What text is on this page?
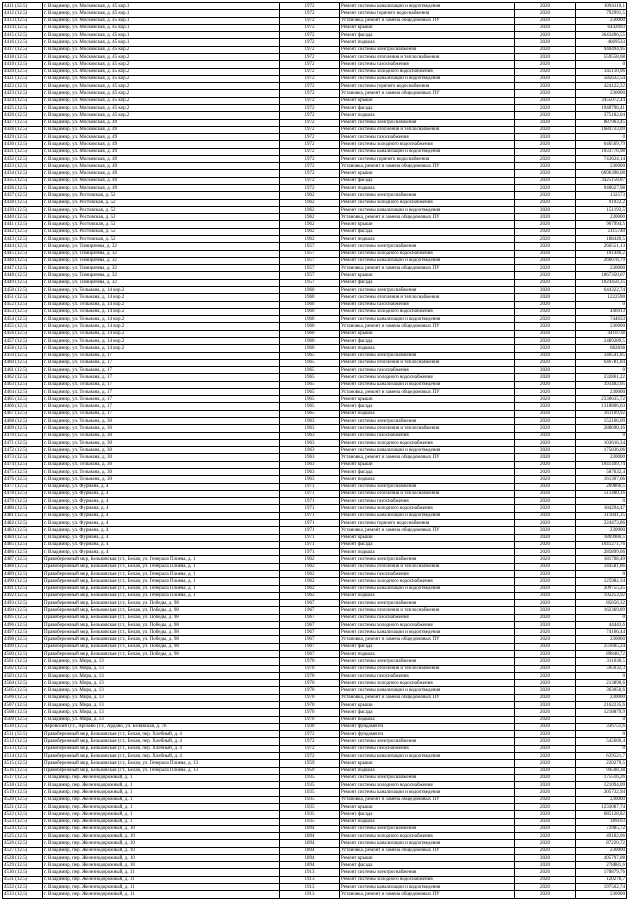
4411 (12.5)	г. Владимир, ул. Московская, д. 45 кор.1	1972	Ремонт системы канализации и водоотведения	2020	1094110,1
4412 (12.5)	г. Владимир, ул. Московская, д. 45 кор.1	1972	Ремонт системы горячего водоснабжения	2020	792991,5
4413 (12.5)	г. Владимир, ул. Московская, д. 45 кор.1	1972	Установка, ремонт и замена общедомовых ПУ	2020	230000
4414 (12.5)	г. Владимир, ул. Московская, д. 45 кор.1	1972	Ремонт крыши	2020	6442093
4415 (12.5)	г. Владимир, ул. Московская, д. 45 кор.1	1972	Ремонт фасада	2020	3643496,55
4416 (12.5)	г. Владимир, ул. Московская, д. 45 кор.1	1972	Ремонт подвала	2020	4669533
4417 (12.5)	г. Владимир, ул. Московская, д. 45 кор.2	1972	Ремонт системы электроснабжения	2020	940494,95
4418 (12.5)	г. Владимир, ул. Московская, д. 45 кор.2	1972	Ремонт системы отопления и теплоснабжения	2020	559558,68
4419 (12.5)	г. Владимир, ул. Московская, д. 45 кор.2	1972	Ремонт системы газоснабжения	2020	0
4420 (12.5)	г. Владимир, ул. Московская, д. 45 кор.2	1972	Ремонт системы холодного водоснабжения	2020	345110,96
4421 (12.5)	г. Владимир, ул. Московская, д. 45 кор.2	1972	Ремонт системы канализации и водоотведения	2020	585632,54
4422 (12.5)	г. Владимир, ул. Московская, д. 45 кор.2	1972	Ремонт системы горячего водоснабжения	2020	424122,22
4423 (12.5)	г. Владимир, ул. Московская, д. 45 кор.2	1972	Установка, ремонт и замена общедомовых ПУ	2020	230000
4424 (12.5)	г. Владимир, ул. Московская, д. 45 кор.2	1972	Ремонт крыши	2020	3455072,44
4425 (12.5)	г. Владимир, ул. Московская, д. 45 кор.2	1972	Ремонт фасада	2020	1948796,41
4426 (12.5)	г. Владимир, ул. Московская, д. 45 кор.2	1972	Ремонт подвала	2020	375182,04
4427 (12.5)	г. Владимир, ул. Московская, д. 49	1972	Ремонт системы электроснабжения	2020	887963,45
4428 (12.5)	г. Владимир, ул. Московская, д. 49	1972	Ремонт системы отопления и теплоснабжения	2020	1684733,09
4429 (12.5)	г. Владимир, ул. Московская, д. 49	1972	Ремонт системы газоснабжения	2020	0
4430 (12.5)	г. Владимир, ул. Московская, д. 49	1972	Ремонт системы холодного водоснабжения	2020	646569,79
4431 (12.5)	г. Владимир, ул. Московская, д. 49	1972	Ремонт системы канализации и водоотведения	2020	1033776,98
4432 (12.5)	г. Владимир, ул. Московская, д. 49	1972	Ремонт системы горячего водоснабжения	2020	743624,14
4433 (12.5)	г. Владимир, ул. Московская, д. 49	1972	Установка, ремонт и замена общедомовых ПУ	2020	230000
4434 (12.5)	г. Владимир, ул. Московская, д. 49	1972	Ремонт крыши	2020	6696398,08
4435 (12.5)	г. Владимир, ул. Московская, д. 49	1972	Ремонт фасада	2020	3425158,87
4436 (12.5)	г. Владимир, ул. Московская, д. 49	1972	Ремонт подвала	2020	940627,98
4437 (12.5)	г. Владимир, ул. Ростовская, д. 52	1962	Ремонт системы электроснабжения	2020	132573
4438 (12.5)	г. Владимир, ул. Ростовская, д. 52	1962	Ремонт системы холодного водоснабжения	2020	91022,2
4439 (12.5)	г. Владимир, ул. Ростовская, д. 52	1962	Ремонт системы канализации и водоотведения	2020	151193,5
4440 (12.5)	г. Владимир, ул. Ростовская, д. 52	1962	Установка, ремонт и замена общедомовых ПУ	2020	230000
4441 (12.5)	г. Владимир, ул. Ростовская, д. 52	1962	Ремонт крыши	2020	967994,5
4442 (12.5)	г. Владимир, ул. Ростовская, д. 52	1962	Ремонт фасада	2020	5115740
4443 (12.5)	г. Владимир, ул. Ростовская, д. 52	1962	Ремонт подвала	2020	188449,5
4444 (12.5)	г. Владимир, ул. Тимирязева, д. 32	1957	Ремонт системы электроснабжения	2020	266551,13
4445 (12.5)	г. Владимир, ул. Тимирязева, д. 32	1957	Ремонт системы холодного водоснабжения	2020	181446,2
4446 (12.5)	г. Владимир, ул. Тимирязева, д. 32	1957	Ремонт системы канализации и водоотведения	2020	266678,79
4447 (12.5)	г. Владимир, ул. Тимирязева, д. 32	1957	Установка, ремонт и замена общедомовых ПУ	2020	230000
4448 (12.5)	г. Владимир, ул. Тимирязева, д. 32	1957	Ремонт крыши	2020	1867350,07
4449 (12.5)	г. Владимир, ул. Тимирязева, д. 32	1957	Ремонт фасада	2020	1024458,35
4450 (12.5)	г. Владимир, ул. Тельмана, д. 14 кор.2	1960	Ремонт системы электроснабжения	2020	644322,74
4451 (12.5)	г. Владимир, ул. Тельмана, д. 14 кор.2	1960	Ремонт системы отопления и теплоснабжения	2020	1222590
4452 (12.5)	г. Владимир, ул. Тельмана, д. 14 кор.2	1960	Ремонт системы газоснабжения	2020	0
4453 (12.5)	г. Владимир, ул. Тельмана, д. 14 кор.2	1960	Ремонт системы холодного водоснабжения	2020	446913
4454 (12.5)	г. Владимир, ул. Тельмана, д. 14 кор.2	1960	Ремонт системы канализации и водоотведения	2020	744633
4455 (12.5)	г. Владимир, ул. Тельмана, д. 14 кор.2	1960	Установка, ремонт и замена общедомовых ПУ	2020	230000
4456 (12.5)	г. Владимир, ул. Тельмана, д. 14 кор.2	1960	Ремонт крыши	2020	4410738
4457 (12.5)	г. Владимир, ул. Тельмана, д. 14 кор.2	1960	Ремонт фасада	2020	2489289,5
4458 (12.5)	г. Владимир, ул. Тельмана, д. 14 кор.2	1960	Ремонт подвала	2020	682838
4459 (12.5)	г. Владимир, ул. Тельмана, д. 17	1965	Ремонт системы электроснабжения	2020	340541,85
4460 (12.5)	г. Владимир, ул. Тельмана, д. 17	1965	Ремонт системы отопления и теплоснабжения	2020	646781,84
4461 (12.5)	г. Владимир, ул. Тельмана, д. 17	1965	Ремонт системы газоснабжения	2020	0
4462 (12.5)	г. Владимир, ул. Тельмана, д. 17	1965	Ремонт системы холодного водоснабжения	2020	232861,22
4463 (12.5)	г. Владимир, ул. Тельмана, д. 17	1965	Ремонт системы канализации и водоотведения	2020	393482,05
4464 (12.5)	г. Владимир, ул. Тельмана, д. 17	1965	Установка, ремонт и замена общедомовых ПУ	2020	230000
4465 (12.5)	г. Владимир, ул. Тельмана, д. 17	1965	Ремонт крыши	2020	2330635,72
4466 (12.5)	г. Владимир, ул. Тельмана, д. 17	1965	Ремонт фасада	2020	1318806,63
4467 (12.5)	г. Владимир, ул. Тельмана, д. 17	1965	Ремонт подвала	2020	361109,92
4468 (12.5)	г. Владимир, ул. Тельмана, д. 30	1963	Ремонт системы электроснабжения	2020	152166,09
4469 (12.5)	г. Владимир, ул. Тельмана, д. 30	1963	Ремонт системы отопления и теплоснабжения	2020	288690,16
4470 (12.5)	г. Владимир, ул. Тельмана, д. 30	1963	Ремонт системы газоснабжения	2020	0
4471 (12.5)	г. Владимир, ул. Тельмана, д. 30	1963	Ремонт системы холодного водоснабжения	2020	103616,34
4472 (12.5)	г. Владимир, ул. Тельмана, д. 30	1963	Ремонт системы канализации и водоотведения	2020	175836,06
4473 (12.5)	г. Владимир, ул. Тельмана, д. 30	1963	Установка, ремонт и замена общедомовых ПУ	2020	230000
4474 (12.5)	г. Владимир, ул. Тельмана, д. 30	1963	Ремонт крыши	2020	1041499,74
4475 (12.5)	г. Владимир, ул. Тельмана, д. 30	1963	Ремонт фасада	2020	587032,4
4476 (12.5)	г. Владимир, ул. Тельмана, д. 30	1963	Ремонт подвала	2020	161307,66
4477 (12.5)	г. Владимир, ул. Фурмана, д. 4	1971	Ремонт системы электроснабжения	2020	269866,5
4478 (12.5)	г. Владимир, ул. Фурмана, д. 4	1971	Ремонт системы отопления и теплоснабжения	2020	511480,16
4479 (12.5)	г. Владимир, ул. Фурмана, д. 4	1971	Ремонт системы газоснабжения	2020	0
4480 (12.5)	г. Владимир, ул. Фурмана, д. 4	1971	Ремонт системы холодного водоснабжения	2020	184294,47
4481 (12.5)	г. Владимир, ул. Фурмана, д. 4	1971	Ремонт системы канализации и водоотведения	2020	311841,35
4482 (12.5)	г. Владимир, ул. Фурмана, д. 4	1971	Ремонт системы горячего водоснабжения	2020	224473,86
4483 (12.5)	г. Владимир, ул. Фурмана, д. 4	1971	Установка, ремонт и замена общедомовых ПУ	2020	230000
4484 (12.5)	г. Владимир, ул. Фурмана, д. 4	1971	Ремонт крыши	2020	1869986,5
4485 (12.5)	г. Владимир, ул. Фурмана, д. 4	1971	Ремонт фасада	2020	1041271,76
4486 (12.5)	г. Владимир, ул. Фурмана, д. 4	1971	Ремонт подвала	2020	285899,66
4487 (12.5)	Правобережный мкр, Бельковская (г.т., Белая, ул. Генерала Плиева, д. 1	1962	Ремонт системы электроснабжения	2020	181708,49
4488 (12.5)	Правобережный мкр, Бельковская (г.т., Белая, ул. Генерала Плиева, д. 1	1962	Ремонт системы отопления и теплоснабжения	2020	344581,86
4489 (12.5)	Правобережный мкр, Бельковская (г.т., Белая, ул. Генерала Плиева, д. 1	1962	Ремонт системы газоснабжения	2020	0
4490 (12.5)	Правобережный мкр, Бельковская (г.т., Белая, ул. Генерала Плиева, д. 1	1962	Ремонт системы холодного водоснабжения	2020	125982,34
4491 (12.5)	Правобережный мкр, Бельковская (г.т., Белая, ул. Генерала Плиева, д. 1	1962	Ремонт системы канализации и водоотведения	2020	209755,25
4492 (12.5)	Правобережный мкр, Бельковская (г.т., Белая, ул. Генерала Плиева, д. 1	1962	Ремонт подвала	2020	192253,92
4493 (12.5)	Правобережный мкр, Бельковская (г.т., Белая, ул. Победы, д. 98	1967	Ремонт системы электроснабжения	2020	85656,32
4494 (12.5)	Правобережный мкр, Бельковская (г.т., Белая, ул. Победы, д. 98	1967	Ремонт системы отопления и теплоснабжения	2020	162369,89
4495 (12.5)	Правобережный мкр, Бельковская (г.т., Белая, ул. Победы, д. 98	1967	Ремонт системы газоснабжения	2020	0
4496 (12.5)	Правобережный мкр, Бельковская (г.т., Белая, ул. Победы, д. 98	1967	Ремонт системы холодного водоснабжения	2020	44443,6
4497 (12.5)	Правобережный мкр, Бельковская (г.т., Белая, ул. Победы, д. 98	1967	Ремонт системы канализации и водоотведения	2020	74166,44
4498 (12.5)	Правобережный мкр, Бельковская (г.т., Белая, ул. Победы, д. 98	1967	Установка, ремонт и замена общедомовых ПУ	2020	230000
4499 (12.5)	Правобережный мкр, Бельковская (г.т., Белая, ул. Победы, д. 98	1967	Ремонт фасада	2020	251605,24
4500 (12.5)	Правобережный мкр, Бельковская (г.т., Белая, ул. Победы, д. 98	1967	Ремонт подвала	2020	89848,72
4501 (12.5)	г. Владимир, ул. Мира, д. 13	1970	Ремонт системы электроснабжения	2020	311630,5
4502 (12.5)	г. Владимир, ул. Мира, д. 13	1970	Ремонт системы отопления и теплоснабжения	2020	595032,3
4503 (12.5)	г. Владимир, ул. Мира, д. 13	1970	Ремонт системы газоснабжения	2020	0
4504 (12.5)	г. Владимир, ул. Мира, д. 13	1970	Ремонт системы холодного водоснабжения	2020	213890,6
4505 (12.5)	г. Владимир, ул. Мира, д. 13	1970	Ремонт системы канализации и водоотведения	2020	363050,6
4506 (12.5)	г. Владимир, ул. Мира, д. 13	1970	Установка, ремонт и замена общедомовых ПУ	2020	230000
4507 (12.5)	г. Владимир, ул. Мира, д. 13	1970	Ремонт крыши	2020	2162235,6
4508 (12.5)	г. Владимир, ул. Мира, д. 13	1970	Ремонт фасада	2020	1218879,9
4509 (12.5)	г. Владимир, ул. Мира, д. 13	1970	Ремонт подвала	2020	0
4510 (12.5)	Аеровский (г.т., Аргаево (г.т., Ардово, ул. Белявская, д. 76	1930	Ремонт фундамента	2020	336751,6
4511 (12.5)	Правобережный мкр, Бельковская (г.т., Белая, пер. Хлебный, д. 4	1972	Ремонт фундамента	2020	0
4512 (12.5)	Правобережный мкр, Бельковская (г.т., Белая, пер. Хлебный, д. 4	1972	Ремонт системы электроснабжения	2020	545606,4
4513 (12.5)	Правобережный мкр, Бельковская (г.т., Белая, пер. Хлебный, д. 4	1972	Ремонт системы газоснабжения	2020	0
4514 (12.5)	Правобережный мкр, Бельковская (г.т., Белая, пер. Хлебный, д. 4	1972	Ремонт системы канализации и водоотведения	2020	639521,7
4515 (12.5)	Правобережный мкр, Бельковская (г.т., Белая, ул. Генерала Плиева, д. 13	1959	Ремонт крыши	2020	220279,5
4516 (12.5)	Правобережный мкр, Бельковская (г.т., Белая, ул. Генерала Плиева, д. 13	1959	Ремонт подвала	2020	94508,38
4517 (12.5)	г. Владимир, пер. Железнодорожный, д. 1	1935	Ремонт системы электроснабжения	2020	175516,26
4518 (12.5)	г. Владимир, пер. Железнодорожный, д. 1	1935	Ремонт системы холодного водоснабжения	2020	121094,09
4519 (12.5)	г. Владимир, пер. Железнодорожный, д. 1	1935	Ремонт системы канализации и водоотведения	2020	205732,94
4520 (12.5)	г. Владимир, пер. Железнодорожный, д. 1	1935	Установка, ремонт и замена общедомовых ПУ	2020	230000
4521 (12.5)	г. Владимир, пер. Железнодорожный, д. 1	1935	Ремонт крыши	2020	1233087,74
4522 (12.5)	г. Владимир, пер. Железнодорожный, д. 1	1935	Ремонт фасада	2020	685128,82
4523 (12.5)	г. Владимир, пер. Железнодорожный, д. 1	1935	Ремонт подвала	2020	189163
4524 (12.5)	г. Владимир, пер. Железнодорожный, д. 10	1894	Ремонт системы электроснабжения	2020	73985,72
4525 (12.5)	г. Владимир, пер. Железнодорожный, д. 10	1894	Ремонт системы холодного водоснабжения	2020	49182,06
4526 (12.5)	г. Владимир, пер. Железнодорожный, д. 10	1894	Ремонт системы канализации и водоотведения	2020	87220,72
4527 (12.5)	г. Владимир, пер. Железнодорожный, д. 10	1894	Установка, ремонт и замена общедомовых ПУ	2020	230000
4528 (12.5)	г. Владимир, пер. Железнодорожный, д. 10	1894	Ремонт крыши	2020	495797,08
4529 (12.5)	г. Владимир, пер. Железнодорожный, д. 10	1894	Ремонт фасада	2020	278881,6
4530 (12.5)	г. Владимир, пер. Железнодорожный, д. 11	1913	Ремонт системы электроснабжения	2020	178879,76
4531 (12.5)	г. Владимир, пер. Железнодорожный, д. 11	1913	Ремонт системы холодного водоснабжения	2020	120276,7
4532 (12.5)	г. Владимир, пер. Железнодорожный, д. 11	1913	Ремонт системы канализации и водоотведения	2020	197562,74
4533 (12.5)	г. Владимир, пер. Железнодорожный, д. 11	1913	Установка, ремонт и замена общедомовых ПУ	2020	230000
